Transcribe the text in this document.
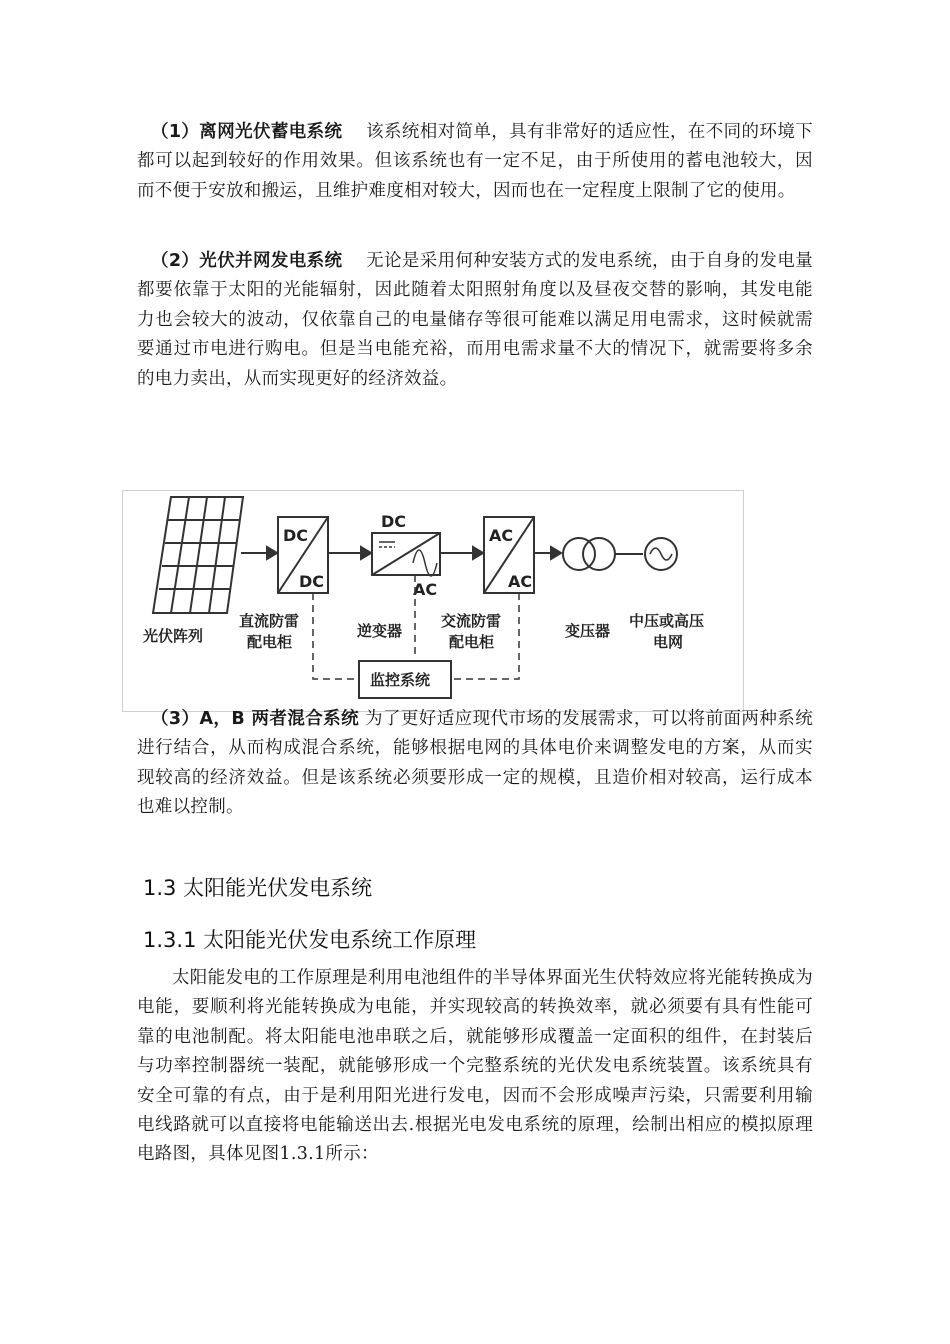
（1）离网光伏蓄电系统 该系统相对简单，具有非常好的适应性，在不同的环境下都可以起到较好的作用效果。但该系统也有一定不足，由于所使用的蓄电池较大，因而不便于安放和搬运，且维护难度相对较大，因而也在一定程度上限制了它的使用。
（2）光伏并网发电系统 无论是采用何种安装方式的发电系统，由于自身的发电量都要依靠于太阳的光能辐射，因此随着太阳照射角度以及昼夜交替的影响，其发电能力也会较大的波动，仅依靠自己的电量储存等很可能难以满足用电需求，这时候就需要通过市电进行购电。但是当电能充裕，而用电需求量不大的情况下，就需要将多余的电力卖出，从而实现更好的经济效益。
光伏阵列
DC
DC
直流防雷
配电柜
DC
AC
逆变器
AC
AC
交流防雷
配电柜
变压器
中压或高压
电网
监控系统
（3）A，B 两者混合系统 为了更好适应现代市场的发展需求，可以将前面两种系统进行结合，从而构成混合系统，能够根据电网的具体电价来调整发电的方案，从而实现较高的经济效益。但是该系统必须要形成一定的规模，且造价相对较高，运行成本也难以控制。
1.3 太阳能光伏发电系统
1.3.1 太阳能光伏发电系统工作原理
太阳能发电的工作原理是利用电池组件的半导体界面光生伏特效应将光能转换成为电能，要顺利将光能转换成为电能，并实现较高的转换效率，就必须要有具有性能可靠的电池制配。将太阳能电池串联之后，就能够形成覆盖一定面积的组件，在封装后与功率控制器统一装配，就能够形成一个完整系统的光伏发电系统装置。该系统具有安全可靠的有点，由于是利用阳光进行发电，因而不会形成噪声污染，只需要利用输电线路就可以直接将电能输送出去.根据光电发电系统的原理，绘制出相应的模拟原理电路图，具体见图1.3.1所示：
